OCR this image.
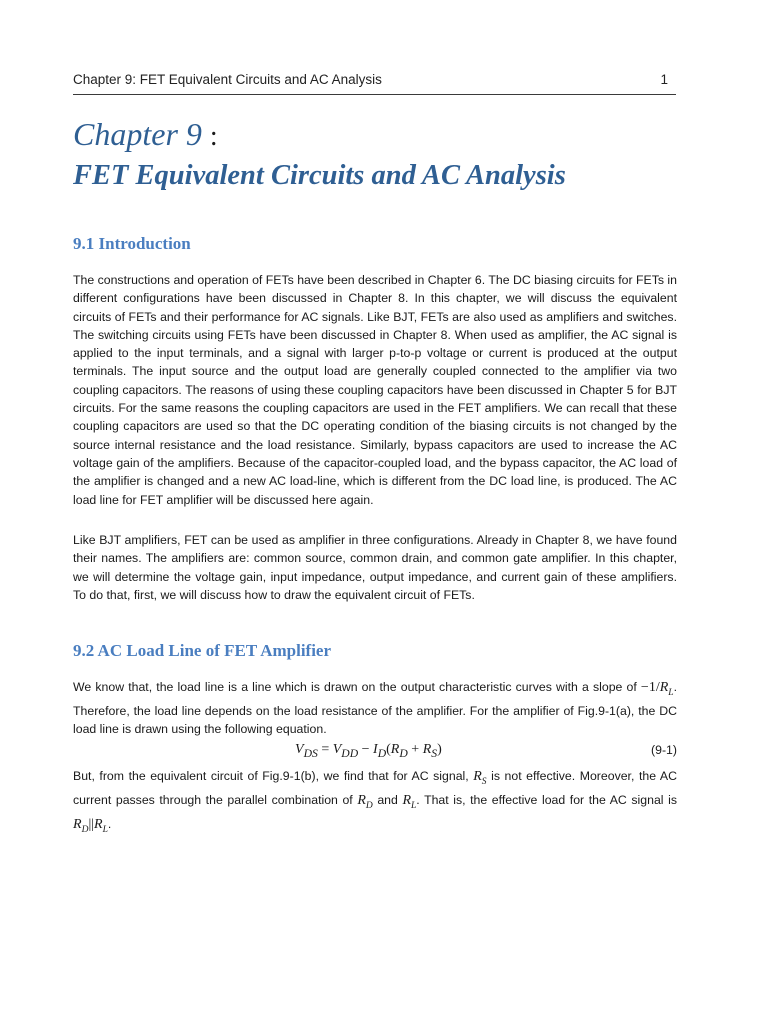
Chapter 9: FET Equivalent Circuits and AC Analysis	1
Chapter 9 :
FET Equivalent Circuits and AC Analysis
9.1 Introduction

The constructions and operation of FETs have been described in Chapter 6. The DC biasing circuits for FETs in different configurations have been discussed in Chapter 8. In this chapter, we will discuss the equivalent circuits of FETs and their performance for AC signals. Like BJT, FETs are also used as amplifiers and switches. The switching circuits using FETs have been discussed in Chapter 8. When used as amplifier, the AC signal is applied to the input terminals, and a signal with larger p-to-p voltage or current is produced at the output terminals. The input source and the output load are generally coupled connected to the amplifier via two coupling capacitors. The reasons of using these coupling capacitors have been discussed in Chapter 5 for BJT circuits. For the same reasons the coupling capacitors are used in the FET amplifiers. We can recall that these coupling capacitors are used so that the DC operating condition of the biasing circuits is not changed by the source internal resistance and the load resistance. Similarly, bypass capacitors are used to increase the AC voltage gain of the amplifiers. Because of the capacitor-coupled load, and the bypass capacitor, the AC load of the amplifier is changed and a new AC load-line, which is different from the DC load line, is produced. The AC load line for FET amplifier will be discussed here again.

Like BJT amplifiers, FET can be used as amplifier in three configurations. Already in Chapter 8, we have found their names. The amplifiers are: common source, common drain, and common gate amplifier. In this chapter, we will determine the voltage gain, input impedance, output impedance, and current gain of these amplifiers. To do that, first, we will discuss how to draw the equivalent circuit of FETs.

9.2 AC Load Line of FET Amplifier

We know that, the load line is a line which is drawn on the output characteristic curves with a slope of $-1/R_L$. Therefore, the load line depends on the load resistance of the amplifier. For the amplifier of Fig.9-1(a), the DC load line is drawn using the following equation.

$V_{DS} = V_{DD} - I_D(R_D + R_S)$	(9-1)

But, from the equivalent circuit of Fig.9-1(b), we find that for AC signal, $R_S$ is not effective. Moreover, the AC current passes through the parallel combination of $R_D$ and $R_L$. That is, the effective load for the AC signal is $R_D||R_L$.
